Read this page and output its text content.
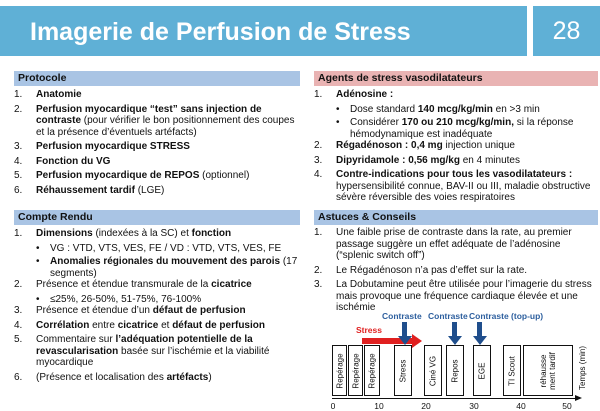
Imagerie de Perfusion de Stress	28
Protocole
1. Anatomie
2. Perfusion myocardique “test” sans injection de contraste (pour vérifier le bon positionnement des coupes et la présence d’éventuels artéfacts)
3. Perfusion myocardique STRESS
4. Fonction du VG
5. Perfusion myocardique de REPOS (optionnel)
6. Réhaussement tardif (LGE)
Compte Rendu
1. Dimensions (indexées à la SC) et fonction
• VG : VTD, VTS, VES, FE / VD : VTD, VTS, VES, FE
• Anomalies régionales du mouvement des parois (17 segments)
2. Présence et étendue transmurale de la cicatrice
• ≤25%, 26-50%, 51-75%, 76-100%
3. Présence et étendue d’un défaut de perfusion
4. Corrélation entre cicatrice et défaut de perfusion
5. Commentaire sur l’adéquation potentielle de la revascularisation basée sur l’ischémie et la viabilité myocardique
6. (Présence et localisation des artéfacts)
Agents de stress vasodilatateurs
1. Adénosine :
• Dose standard 140 mcg/kg/min en >3 min
• Considérer 170 ou 210 mcg/kg/min, si la réponse hémodynamique est inadéquate
2. Régadénoson : 0,4 mg injection unique
3. Dipyridamole : 0,56 mg/kg en 4 minutes
4. Contre-indications pour tous les vasodilatateurs : hypersensibilité connue, BAV-II ou III, maladie obstructive sévère réversible des voies respiratoires
Astuces & Conseils
1. Une faible prise de contraste dans la rate, au premier passage suggère un effet adéquate de l’adénosine (“splenic switch off”)
2. Le Régadénoson n’a pas d’effet sur la rate.
3. La Dobutamine peut être utilisée pour l’imagerie du stress mais provoque une fréquence cardiaque élevée et une ischémie
Contraste Contraste Contraste (top-up)
Stress
Repérage Repérage Repérage	Stress	Ciné VG Repos EGE	TI Scout	réhausse ment tardif
0	10	20	30	40	50
Temps (min)
